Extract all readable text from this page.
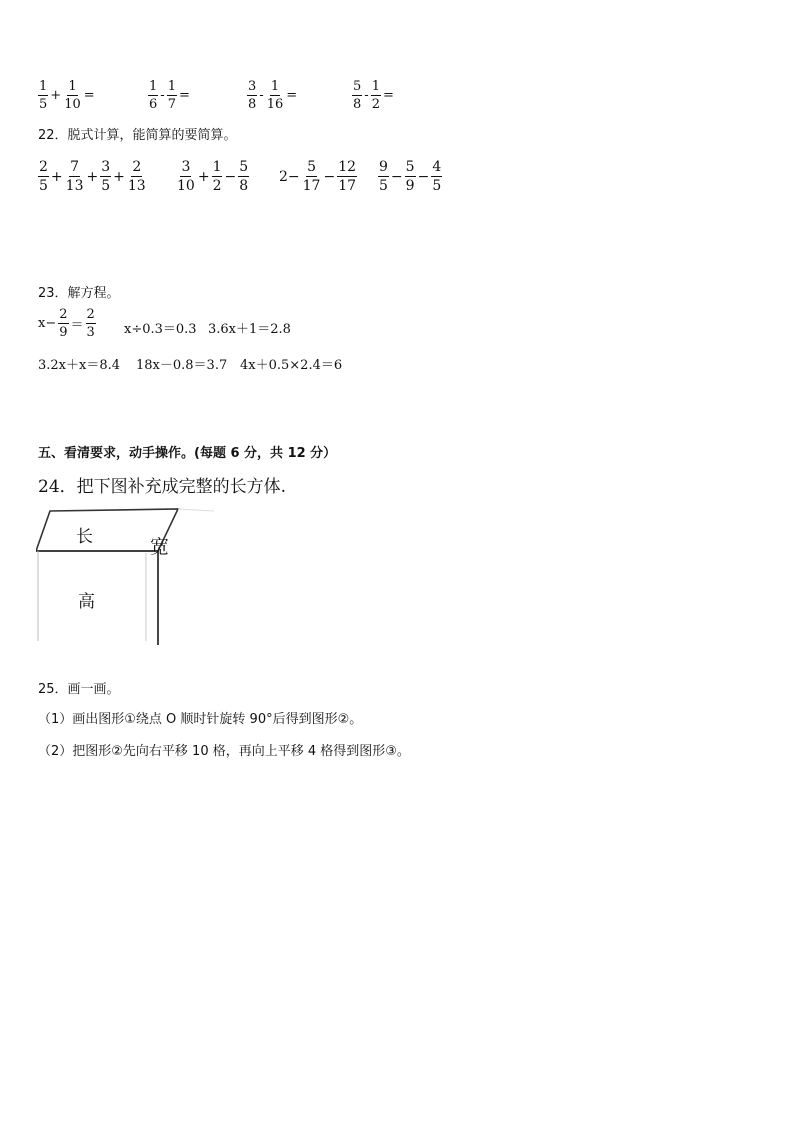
$\frac{1}{5} + \frac{1}{10}$ =	$\frac{1}{6} - \frac{1}{7}$ =	$\frac{3}{8} - \frac{1}{16}$ =	$\frac{5}{8} - \frac{1}{2}$ =
22．脱式计算，能简算的要简算。
$\frac{2}{5} + \frac{7}{13} + \frac{3}{5} + \frac{2}{13} \frac{3}{10} + \frac{1}{2} - \frac{5}{8} 2- \frac{5}{17} - \frac{12}{17} \frac{9}{5} - \frac{5}{9} - \frac{4}{5}$
23．解方程。
$x- \frac{2}{9} = \frac{2}{3} x\div 0.3=0.3$ 3.6x＋1＝2.8
3.2x＋x＝8.4 18x－0.8＝3.7 4x＋0.5×2.4＝6
五、看清要求，动手操作。(每题 6 分，共 12 分）
24．把下图补充成完整的长方体.
长	宽
高
25．画一画。
（1）画出图形①绕点 O 顺时针旋转 90°后得到图形②。
（2）把图形②先向右平移 10 格，再向上平移 4 格得到图形③。
